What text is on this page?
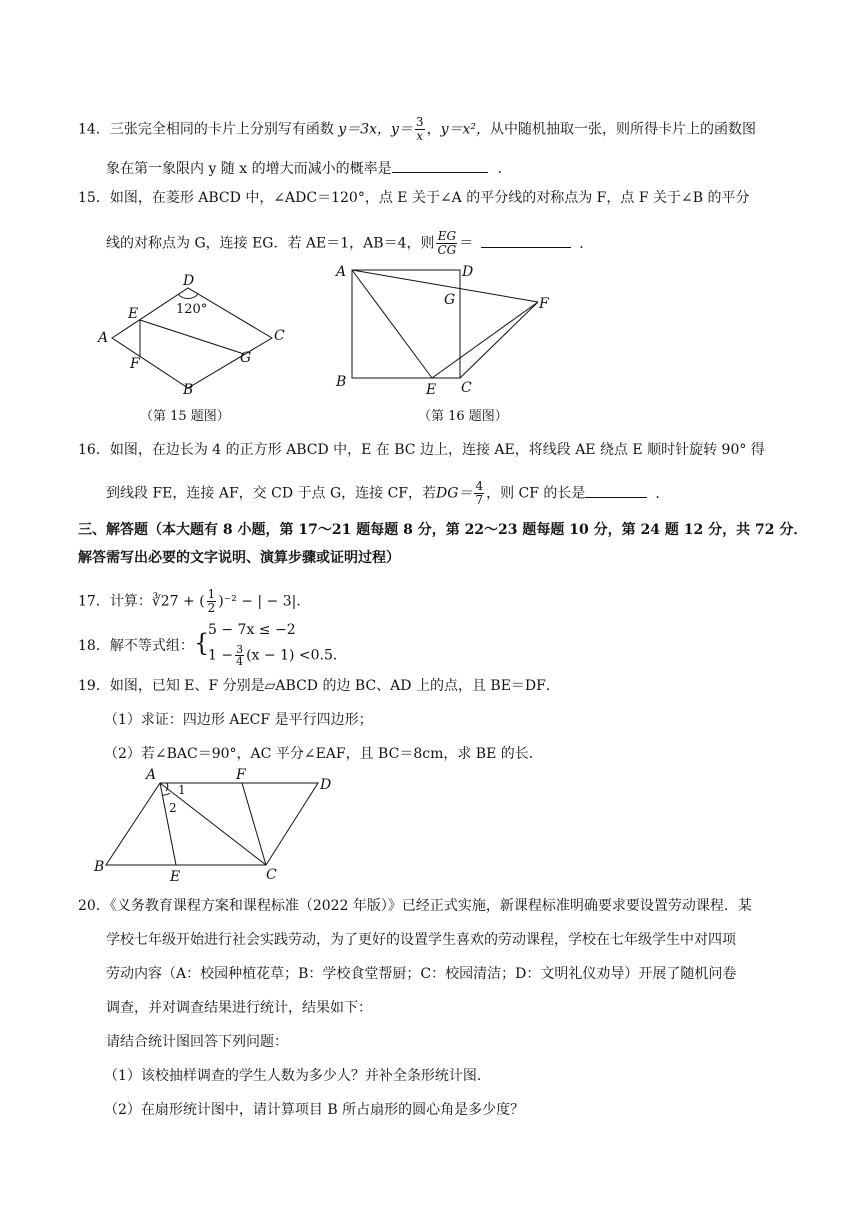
14．三张完全相同的卡片上分别写有函数 y＝3x，$y= \frac{3}{x}$ ，y＝x²，从中随机抽取一张，则所得卡片上的函数图
象在第一象限内 y 随 x 的增大而减小的概率是	．
15．如图，在菱形 ABCD 中，∠ADC＝120°，点 E 关于∠A 的平分线的对称点为 F，点 F 关于∠B 的平分
线的对称点为 G，连接 EG．若 AE＝1，AB＝4，则 $\frac{EG}{CG}$ ＝	．
D
120°
E
A	C
F	G
B
（第 15 题图）
A	D
G	F
B	E C
（第 16 题图）
16．如图，在边长为 4 的正方形 ABCD 中，E 在 BC 边上，连接 AE，将线段 AE 绕点 E 顺时针旋转 90° 得
到线段 FE，连接 AF，交 CD 于点 G，连接 CF，若$DG= \frac{4}{7}$ ，则 CF 的长是	．
三、解答题（本大题有 8 小题，第 17～21 题每题 8 分，第 22～23 题每题 10 分，第 24 题 12 分，共 72 分．
解答需写出必要的文字说明、演算步骤或证明过程）
17．计算：∛27 + ( $\frac{1}{2} )^{-2}$ − | − 3|．
18．解不等式组： {
5 − 7x ≤ −2
$1 - \frac{3}{4} (x - 1) <0.5$．
19．如图，已知 E、F 分别是▱ABCD 的边 BC、AD 上的点，且 BE＝DF．
（1）求证：四边形 AECF 是平行四边形；
（2）若∠BAC＝90°，AC 平分∠EAF，且 BC＝8cm，求 BE 的长．
A	F
D
1
2
B
E	C
20．《义务教育课程方案和课程标准（2022 年版）》已经正式实施，新课程标准明确要求要设置劳动课程．某
学校七年级开始进行社会实践劳动，为了更好的设置学生喜欢的劳动课程，学校在七年级学生中对四项
劳动内容（A：校园种植花草；B：学校食堂帮厨；C：校园清洁；D：文明礼仪劝导）开展了随机问卷
调查，并对调查结果进行统计，结果如下：
请结合统计图回答下列问题：
（1）该校抽样调查的学生人数为多少人？并补全条形统计图．
（2）在扇形统计图中，请计算项目 B 所占扇形的圆心角是多少度？
